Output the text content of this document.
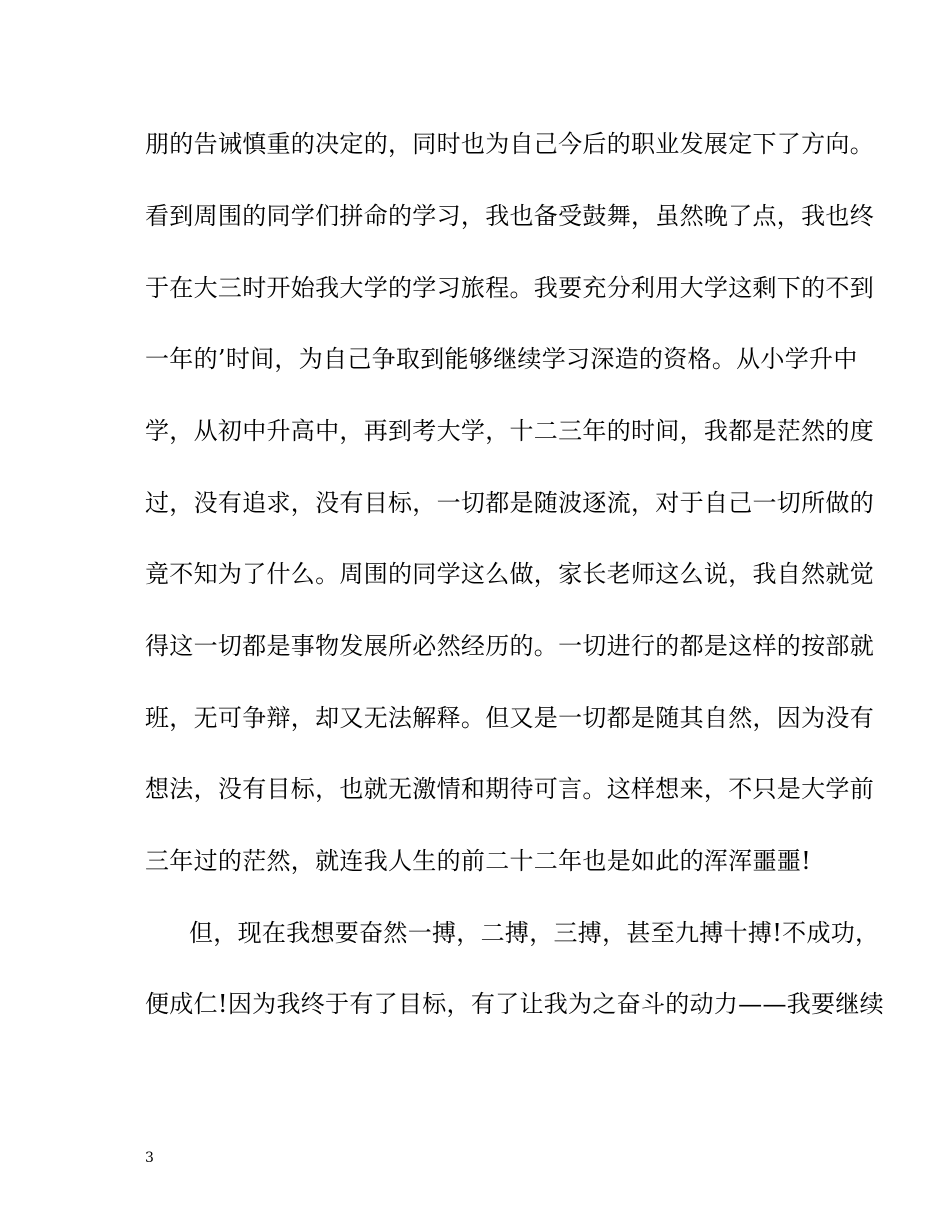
朋的告诫慎重的决定的，同时也为自己今后的职业发展定下了方向。
看到周围的同学们拼命的学习，我也备受鼓舞，虽然晚了点，我也终
于在大三时开始我大学的学习旅程。我要充分利用大学这剩下的不到
一年的’时间，为自己争取到能够继续学习深造的资格。从小学升中
学，从初中升高中，再到考大学，十二三年的时间，我都是茫然的度
过，没有追求，没有目标，一切都是随波逐流，对于自己一切所做的
竟不知为了什么。周围的同学这么做，家长老师这么说，我自然就觉
得这一切都是事物发展所必然经历的。一切进行的都是这样的按部就
班，无可争辩，却又无法解释。但又是一切都是随其自然，因为没有
想法，没有目标，也就无激情和期待可言。这样想来，不只是大学前
三年过的茫然，就连我人生的前二十二年也是如此的浑浑噩噩!
但，现在我想要奋然一搏，二搏，三搏，甚至九搏十搏!不成功，
便成仁!因为我终于有了目标，有了让我为之奋斗的动力——我要继续
3
